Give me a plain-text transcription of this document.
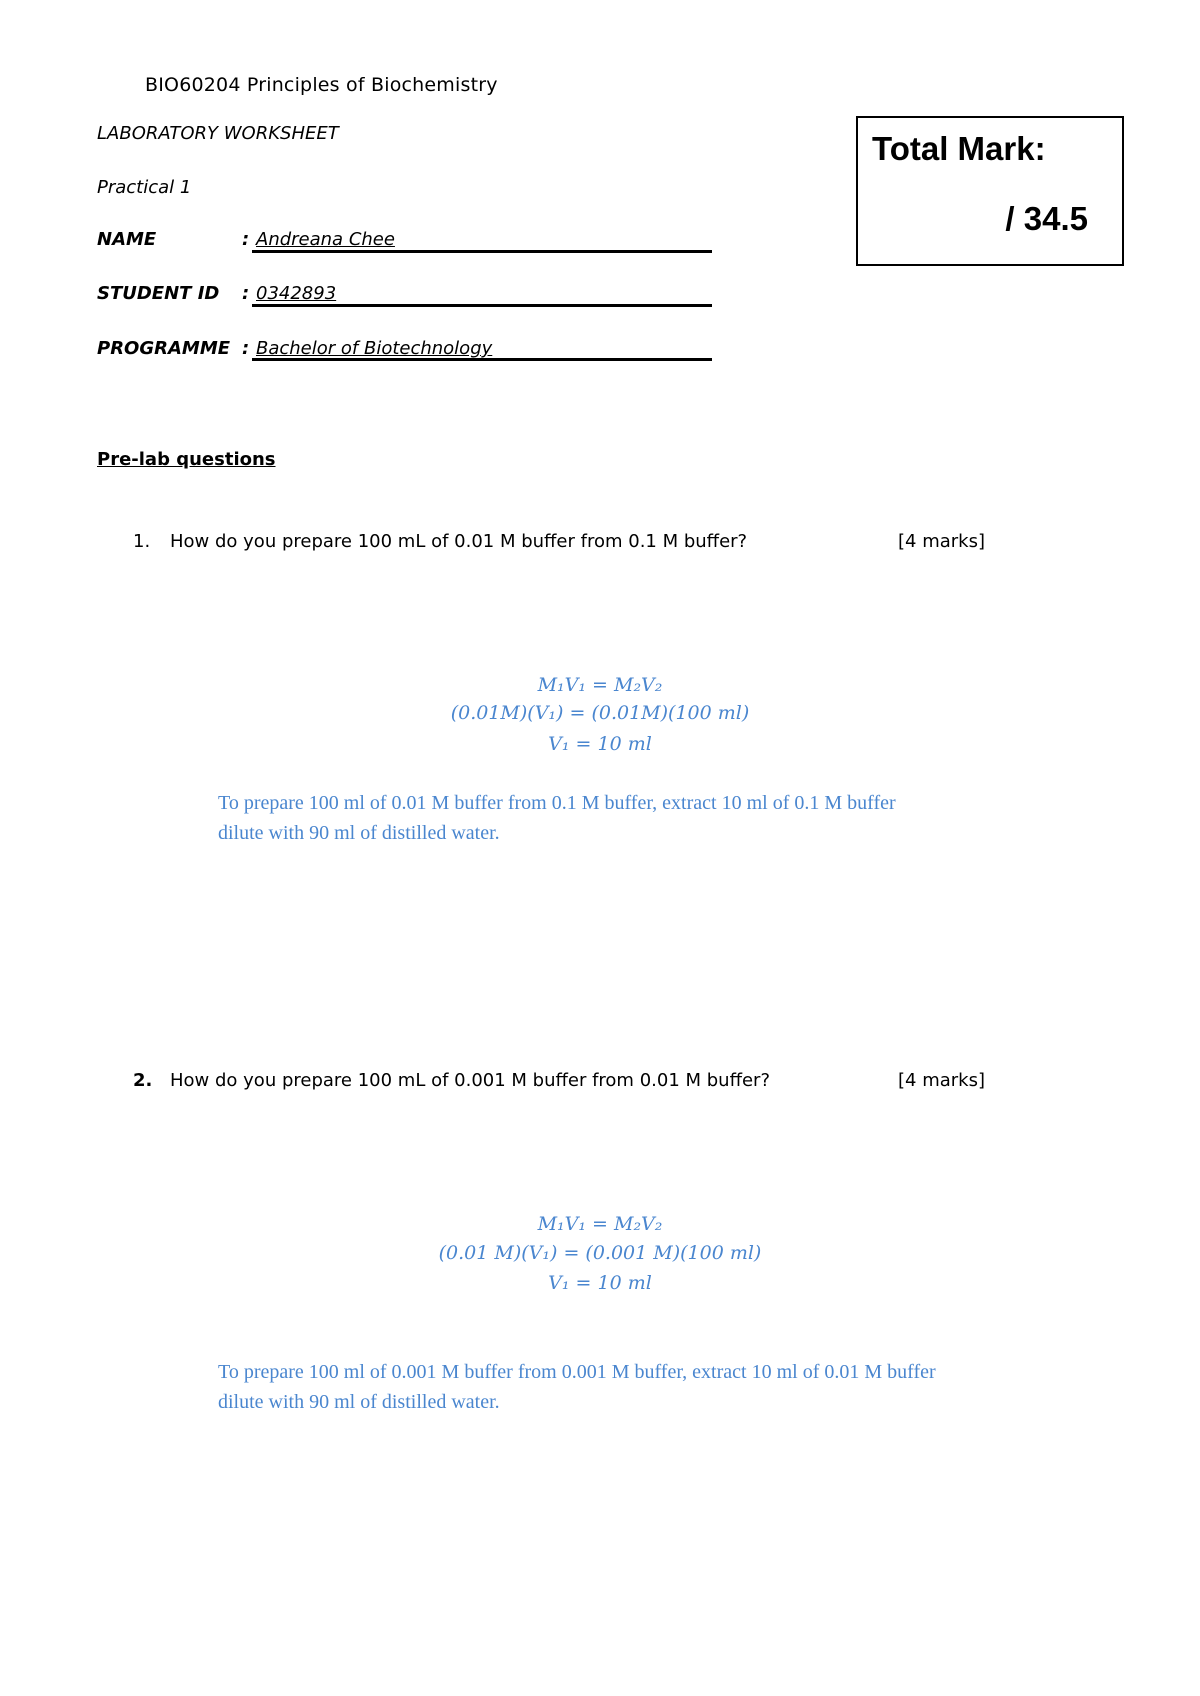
BIO60204 Principles of Biochemistry
LABORATORY WORKSHEET
Practical 1
NAME	: Andreana Chee
STUDENT ID : 0342893
PROGRAMME : Bachelor of Biotechnology
Total Mark:
/ 34.5
Pre-lab questions
1. How do you prepare 100 mL of 0.01 M buffer from 0.1 M buffer?	[4 marks]
M₁V₁ = M₂V₂
(0.01M)(V₁) = (0.01M)(100 ml)
V₁ = 10 ml
To prepare 100 ml of 0.01 M buffer from 0.1 M buffer, extract 10 ml of 0.1 M buffer
dilute with 90 ml of distilled water.
2. How do you prepare 100 mL of 0.001 M buffer from 0.01 M buffer?	[4 marks]
M₁V₁ = M₂V₂
(0.01 M)(V₁) = (0.001 M)(100 ml)
V₁ = 10 ml
To prepare 100 ml of 0.001 M buffer from 0.001 M buffer, extract 10 ml of 0.01 M buffer
dilute with 90 ml of distilled water.
